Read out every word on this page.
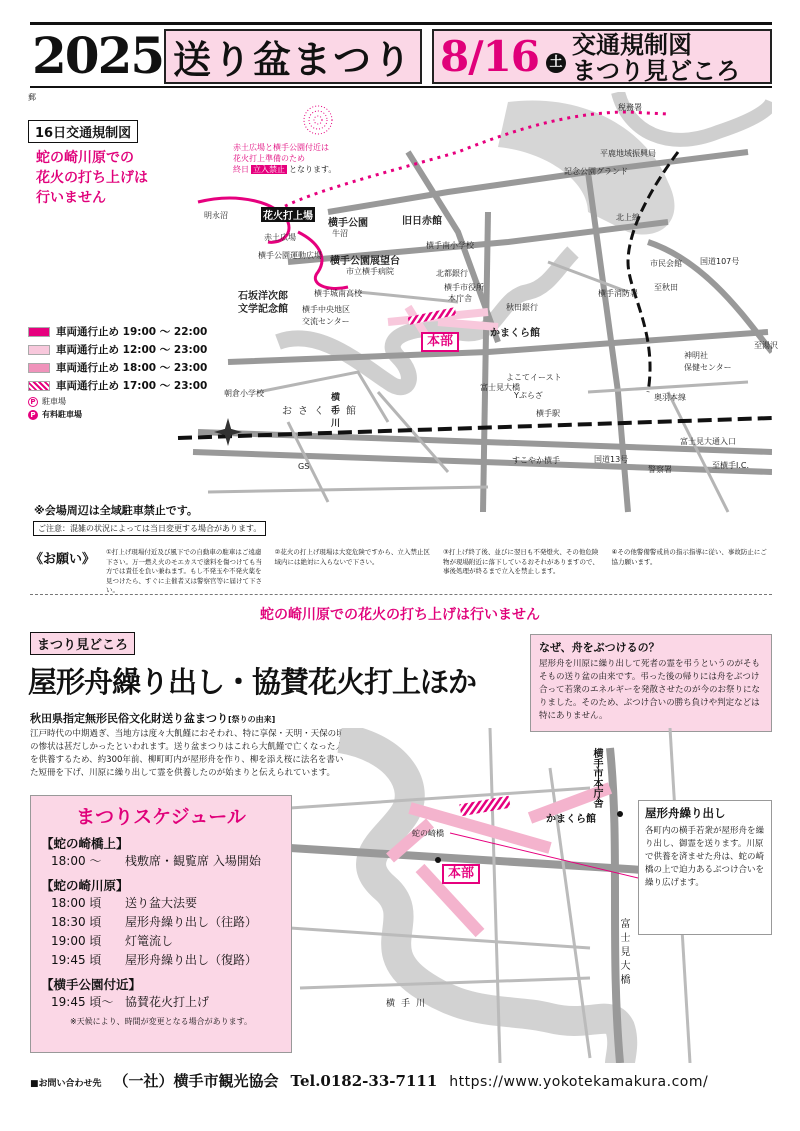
2025 送り盆まつり 8/16 土
交通規制図
まつり見どころ
16日交通規制図
蛇の崎川原での
花火の打ち上げは
行いません
赤土広場と横手公園付近は
花火打上準備のため
終日 立入禁止 となります。
明永沼	花火打上場
横手公園
牛沼
赤土広場
横手公園運動広場
横手公園展望台
石坂洋次郎
文学記念館
旧日赤館
横手南小学校
市立横手病院	北都銀行
横手城南高校
横手中央地区
交流センター
横手市役所
本庁舎
秋田銀行
かまくら館
朝倉小学校
おさくら館
横手川
富士見大橋
よこてイースト
Yぷらざ
横手駅
奥羽本線
北上線
国道13号
国道107号
警察署	至横手I.C.
至湯沢
至秋田
市民会館
記念公園グランド
平鹿地域振興局
税務署
横手消防署
神明社
保健センター
すこやか横手
富士見大通入口
GS
郵
本部
車両通行止め 19:00 ～ 22:00
車両通行止め 12:00 ～ 23:00
車両通行止め 18:00 ～ 23:00
車両通行止め 17:00 ～ 23:00
P 駐車場
P 有料駐車場
※会場周辺は全域駐車禁止です。
ご注意：混雑の状況によっては当日変更する場合があります。
《お願い》 ①打上げ現場付近及び風下での自動車の駐車はご遠慮下さい。万一燃え火のモエカスで塗料を傷つけても当方では責任を負い兼ねます。もし不発玉や不発火薬を見つけたら、すぐに主催者又は警察官等に届けて下さい。
②花火の打上げ現場は大変危険ですから、立入禁止区域内には絶対に入らないで下さい。
③打上げ終了後、並びに翌日も不発燈火、その他危険物が現場附近に落下しているおそれがありますので、事後処理が終るまで立入を禁止します。
④その他警備警戒員の指示指導に従い、事故防止にご協力願います。
蛇の崎川原での花火の打ち上げは行いません
まつり見どころ
屋形舟繰り出し・協賛花火打上ほか
秋田県指定無形民俗文化財送り盆まつり[祭りの由来]
江戸時代の中期過ぎ、当地方は度々大飢饉におそわれ、特に享保・天明・天保の頃の惨状は甚だしかったといわれます。送り盆まつりはこれら大飢饉で亡くなった人を供養するため、約300年前、柳町町内が屋形舟を作り、柳を添え桜に法名を書いた短冊を下げ、川原に繰り出して霊を供養したのが始まりと伝えられています。
なぜ、舟をぶつけるの？
屋形舟を川原に繰り出して死者の霊を弔うというのがそもそもの送り盆の由来です。弔った後の帰りには舟をぶつけ合って若衆のエネルギーを発散させたのが今のお祭りになりました。そのため、ぶつけ合いの勝ち負けや判定などは特にありません。
横手市本庁舎
かまくら館
蛇の崎橋
本部
横手川
富士見大橋
屋形舟繰り出し
各町内の横手若衆が屋形舟を繰り出し、御霊を送ります。川原で供養を済ませた舟は、蛇の崎橋の上で迫力あるぶつけ合いを繰り広げます。
まつりスケジュール
【蛇の崎橋上】
18:00 ～	桟敷席・観覧席 入場開始
【蛇の崎川原】
18:00 頃	送り盆大法要
18:30 頃	屋形舟繰り出し（往路）
19:00 頃	灯篭流し
19:45 頃	屋形舟繰り出し（復路）
【横手公園付近】
19:45 頃～ 協賛花火打上げ
※天候により、時間が変更となる場合があります。
■お問い合わせ先 （一社）横手市観光協会 Tel.0182-33-7111 https://www.yokotekamakura.com/
